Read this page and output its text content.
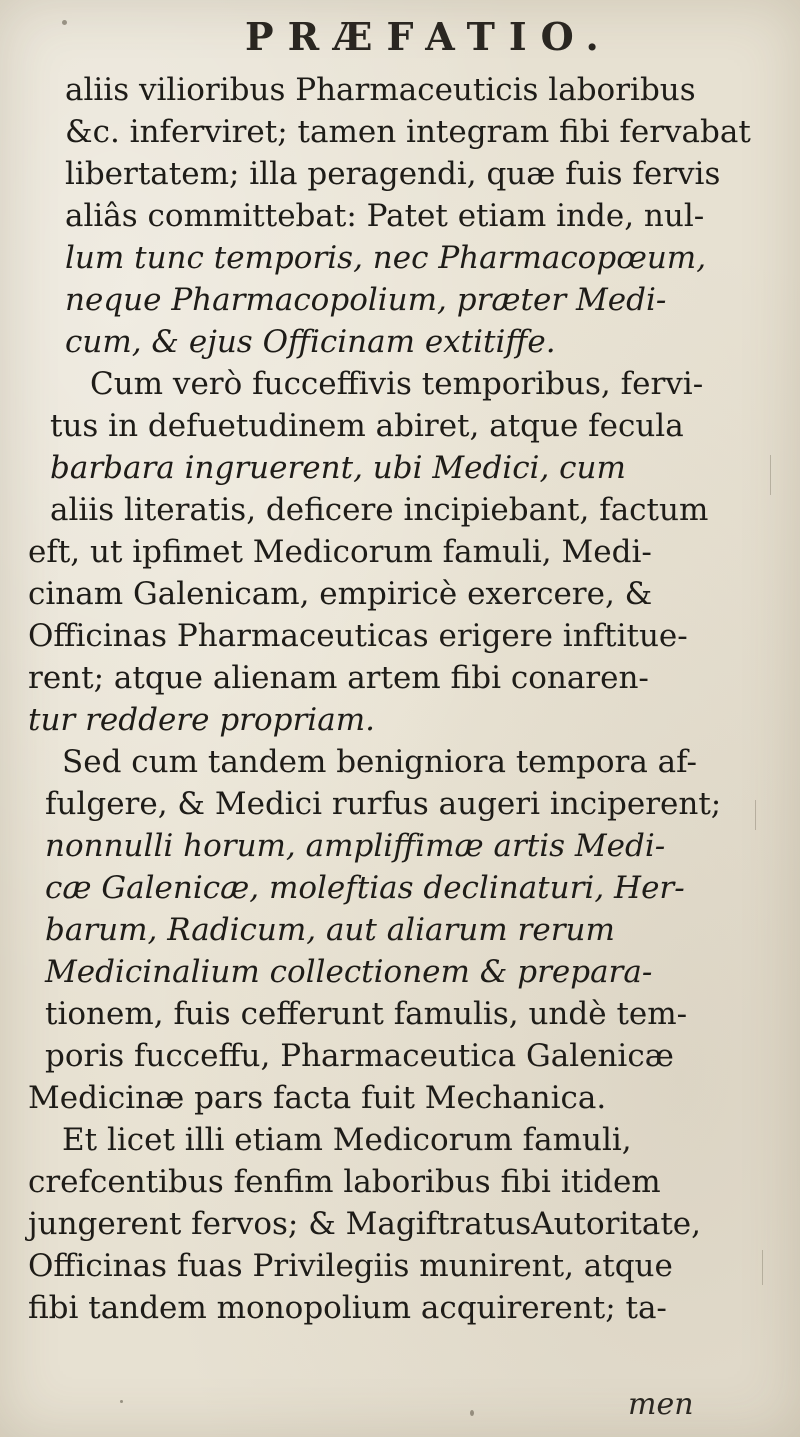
PRÆFATIO.
aliis vilioribus Pharmaceuticis laboribus
&c. inferviret; tamen integram fibi fervabat
libertatem; illa peragendi, quæ fuis fervis
aliâs committebat: Patet etiam inde, nul-
lum tunc temporis, nec Pharmacopœum,
neque Pharmacopolium, præter Medi-
cum, & ejus Officinam extitiffe.
Cum verò fucceffivis temporibus, fervi-
tus in defuetudinem abiret, atque fecula
barbara ingruerent, ubi Medici, cum
aliis literatis, deficere incipiebant, factum
eft, ut ipfimet Medicorum famuli, Medi-
cinam Galenicam, empiricè exercere, &
Officinas Pharmaceuticas erigere inftitue-
rent; atque alienam artem fibi conaren-
tur reddere propriam.
Sed cum tandem benigniora tempora af-
fulgere, & Medici rurfus augeri inciperent;
nonnulli horum, ampliffimæ artis Medi-
cæ Galenicæ, moleftias declinaturi, Her-
barum, Radicum, aut aliarum rerum
Medicinalium collectionem & prepara-
tionem, fuis cefferunt famulis, undè tem-
poris fucceffu, Pharmaceutica Galenicæ
Medicinæ pars facta fuit Mechanica.
Et licet illi etiam Medicorum famuli,
crefcentibus fenfim laboribus fibi itidem
jungerent fervos; & MagiftratusAutoritate,
Officinas fuas Privilegiis munirent, atque
fibi tandem monopolium acquirerent; ta-
men
